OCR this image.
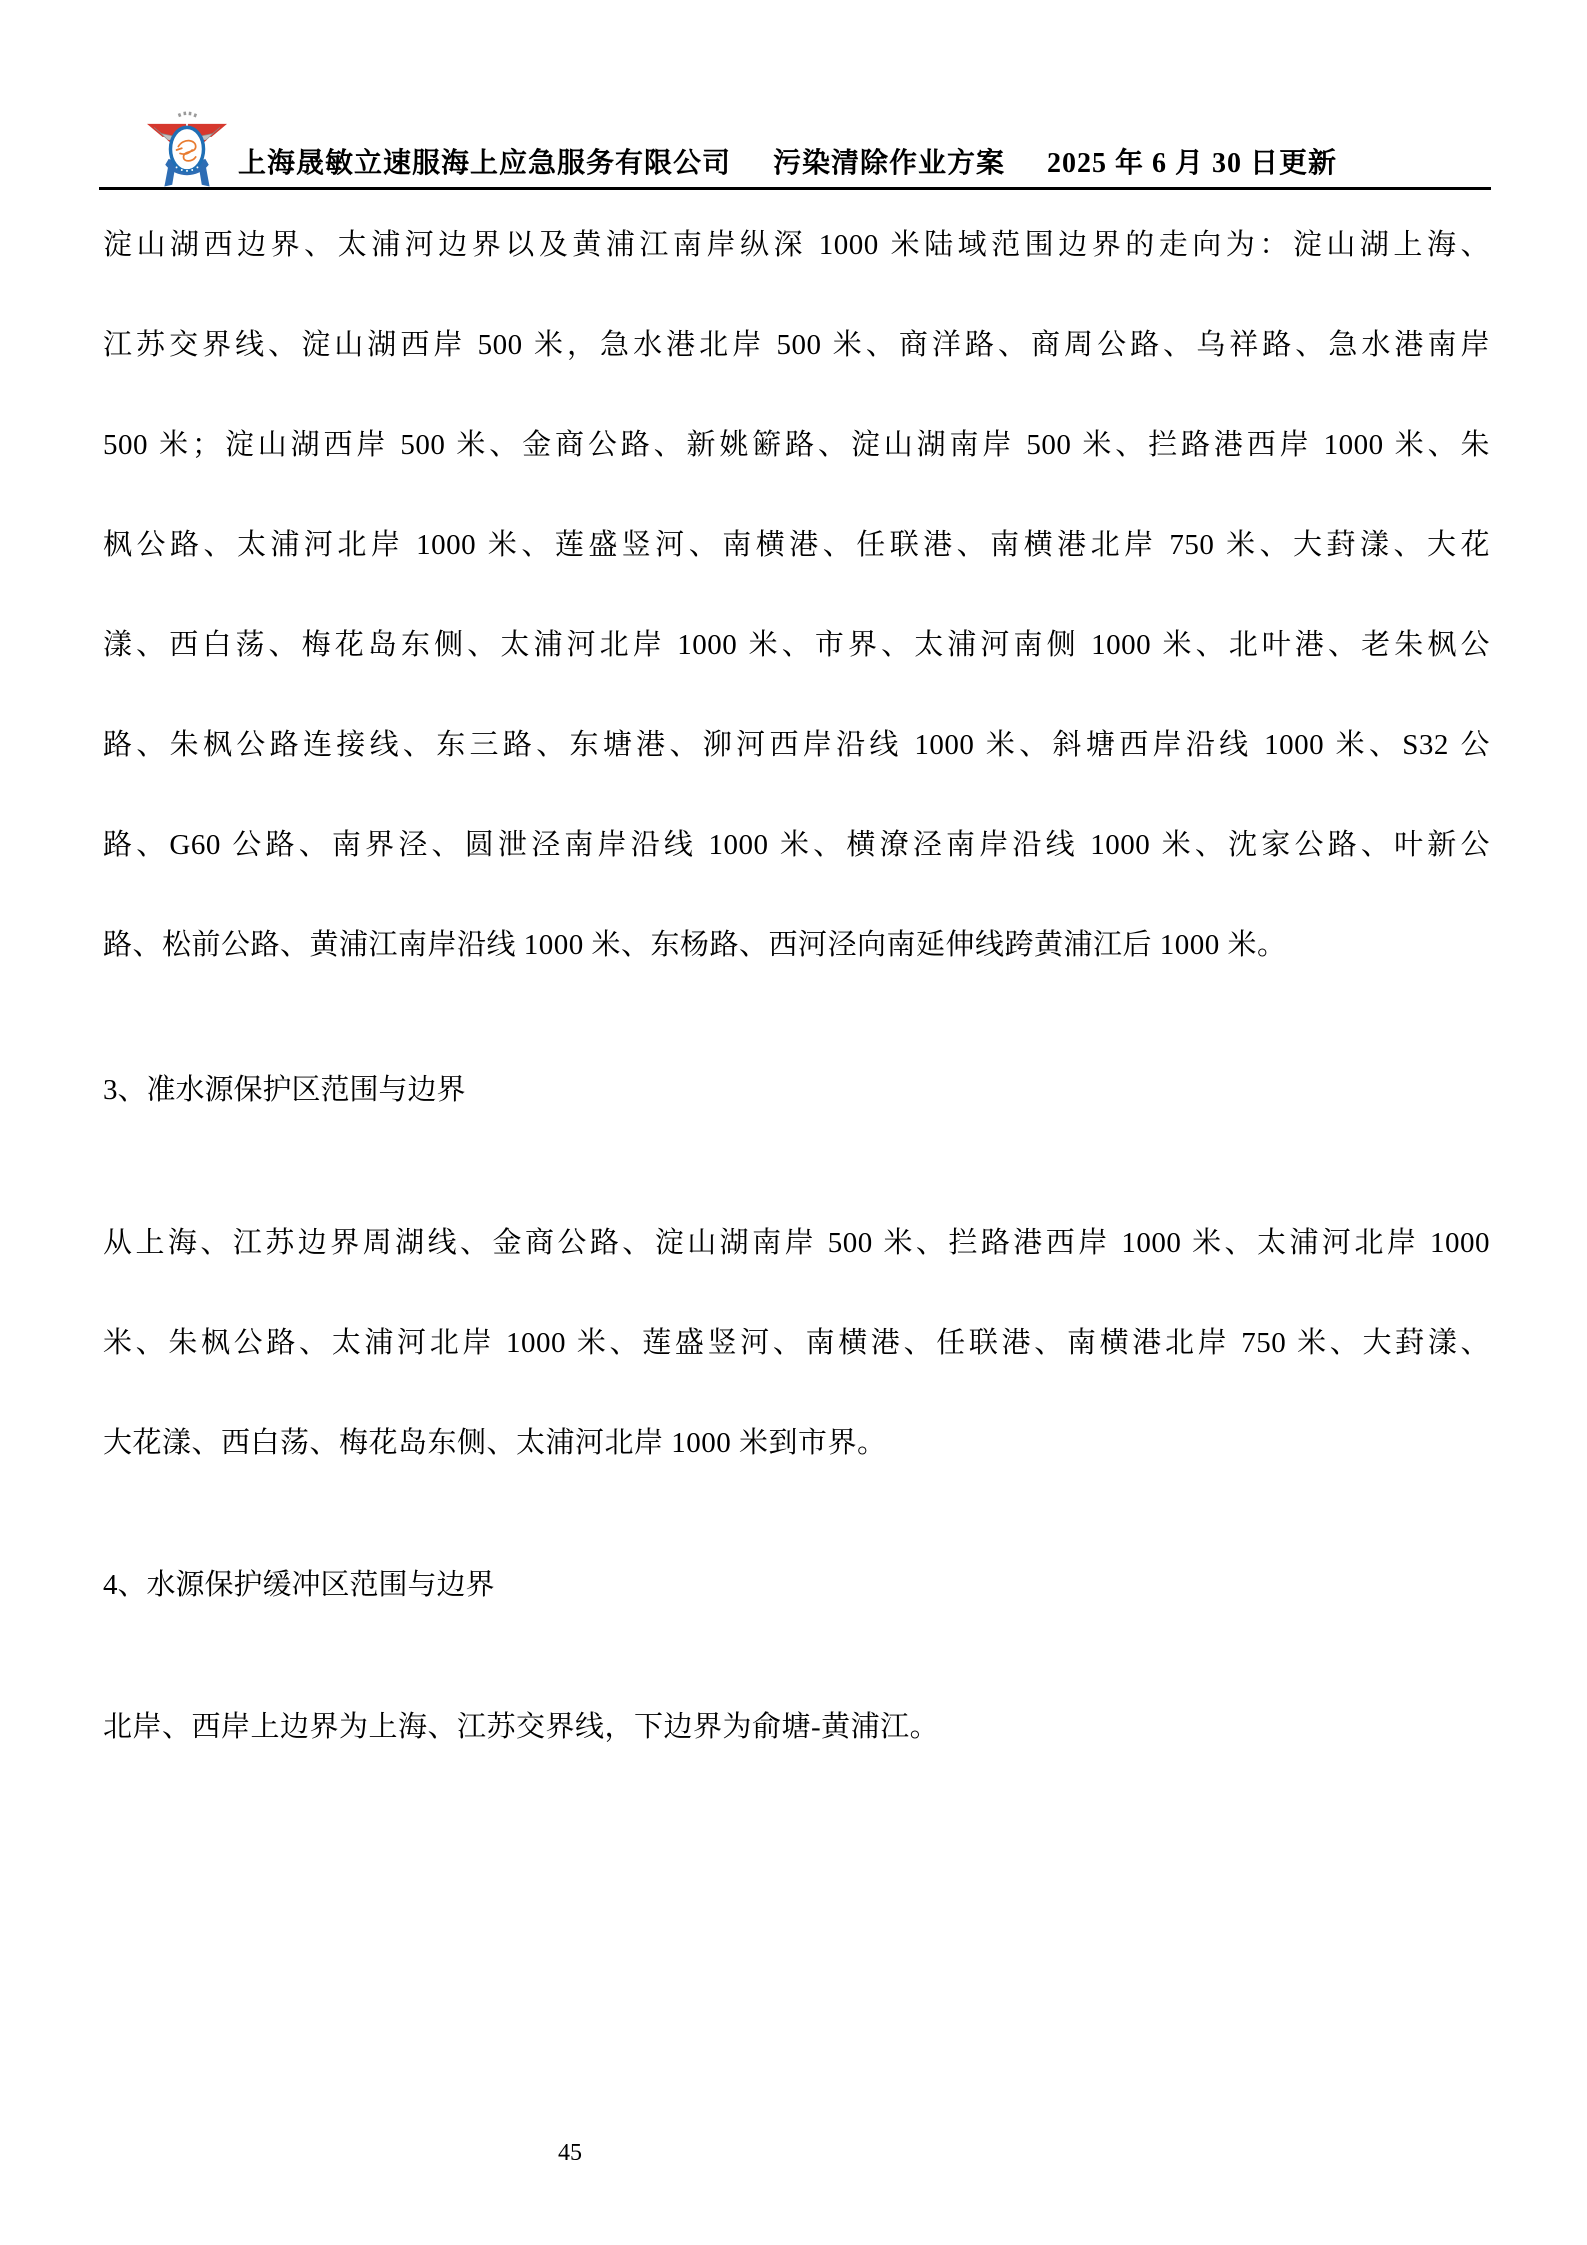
上海晟敏立速服海上应急服务有限公司 污染清除作业方案 2025 年 6 月 30 日更新
淀山湖西边界、太浦河边界以及黄浦江南岸纵深 1000 米陆域范围边界的走向为：淀山湖上海、
江苏交界线、淀山湖西岸 500 米，急水港北岸 500 米、商洋路、商周公路、乌祥路、急水港南岸
500 米；淀山湖西岸 500 米、金商公路、新姚簖路、淀山湖南岸 500 米、拦路港西岸 1000 米、朱
枫公路、太浦河北岸 1000 米、莲盛竖河、南横港、任联港、南横港北岸 750 米、大葑漾、大花
漾、西白荡、梅花岛东侧、太浦河北岸 1000 米、市界、太浦河南侧 1000 米、北叶港、老朱枫公
路、朱枫公路连接线、东三路、东塘港、泖河西岸沿线 1000 米、斜塘西岸沿线 1000 米、S32 公
路、G60 公路、南界泾、圆泄泾南岸沿线 1000 米、横潦泾南岸沿线 1000 米、沈家公路、叶新公
路、松前公路、黄浦江南岸沿线 1000 米、东杨路、西河泾向南延伸线跨黄浦江后 1000 米。
3、准水源保护区范围与边界
从上海、江苏边界周湖线、金商公路、淀山湖南岸 500 米、拦路港西岸 1000 米、太浦河北岸 1000
米、朱枫公路、太浦河北岸 1000 米、莲盛竖河、南横港、任联港、南横港北岸 750 米、大葑漾、
大花漾、西白荡、梅花岛东侧、太浦河北岸 1000 米到市界。
4、水源保护缓冲区范围与边界
北岸、西岸上边界为上海、江苏交界线，下边界为俞塘-黄浦江。
45
